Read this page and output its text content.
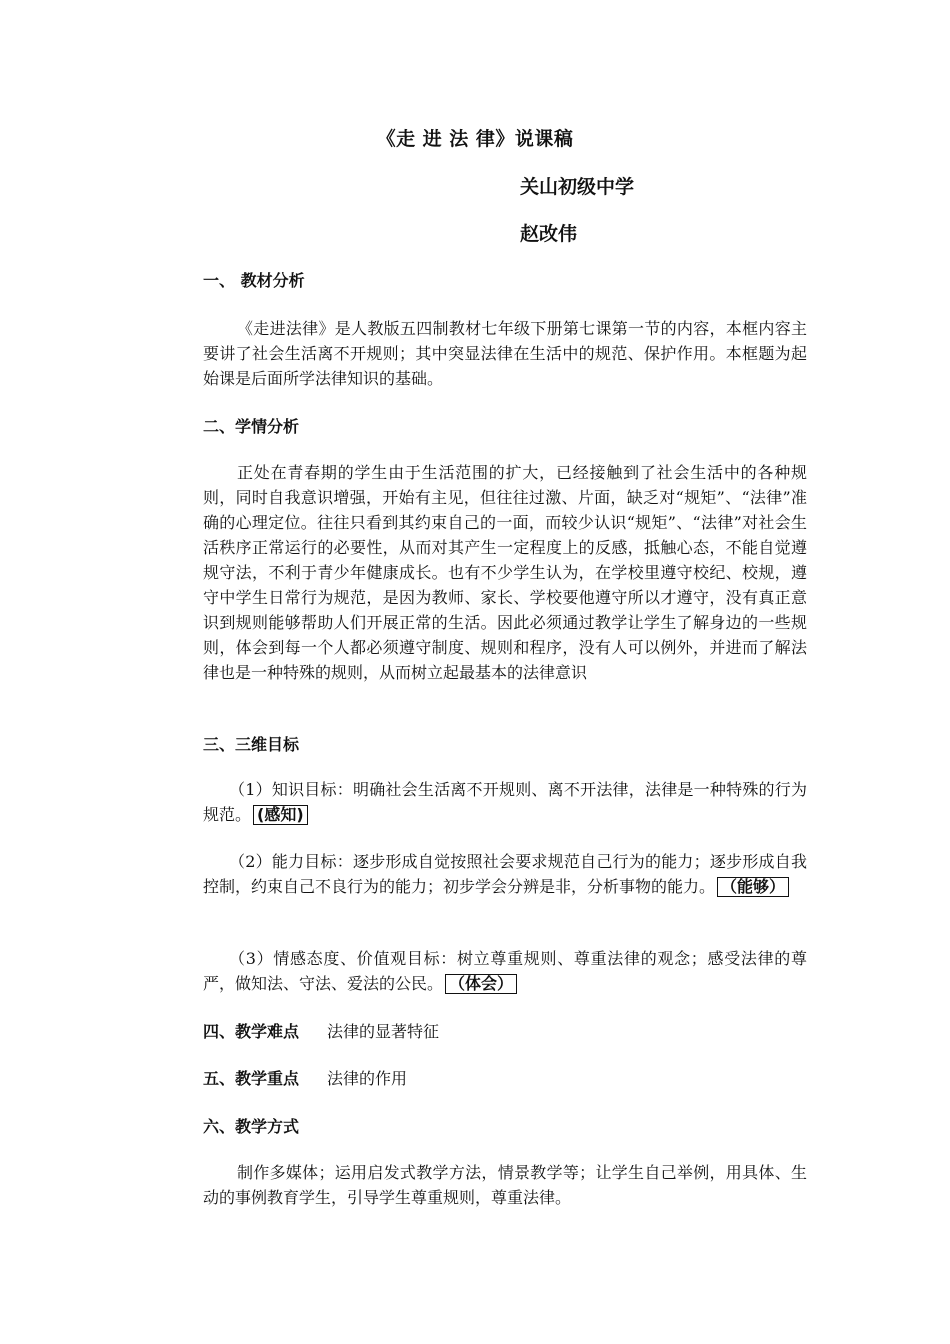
《走 进 法 律》说课稿
关山初级中学
赵改伟
一、 教材分析
《走进法律》是人教版五四制教材七年级下册第七课第一节的内容，本框内容主要讲了社会生活离不开规则；其中突显法律在生活中的规范、保护作用。本框题为起始课是后面所学法律知识的基础。
二、学情分析
正处在青春期的学生由于生活范围的扩大，已经接触到了社会生活中的各种规则，同时自我意识增强，开始有主见，但往往过激、片面，缺乏对“规矩”、“法律”准确的心理定位。往往只看到其约束自己的一面，而较少认识“规矩”、“法律”对社会生活秩序正常运行的必要性，从而对其产生一定程度上的反感，抵触心态，不能自觉遵规守法，不利于青少年健康成长。也有不少学生认为，在学校里遵守校纪、校规，遵守中学生日常行为规范，是因为教师、家长、学校要他遵守所以才遵守，没有真正意识到规则能够帮助人们开展正常的生活。因此必须通过教学让学生了解身边的一些规则，体会到每一个人都必须遵守制度、规则和程序，没有人可以例外，并进而了解法律也是一种特殊的规则，从而树立起最基本的法律意识
三、三维目标
（1）知识目标：明确社会生活离不开规则、离不开法律，法律是一种特殊的行为规范。 (感知)
（2）能力目标：逐步形成自觉按照社会要求规范自己行为的能力；逐步形成自我控制，约束自己不良行为的能力；初步学会分辨是非，分析事物的能力。 （能够）
（3）情感态度、价值观目标：树立尊重规则、尊重法律的观念；感受法律的尊严，做知法、守法、爱法的公民。 （体会）
四、教学难点 法律的显著特征
五、教学重点 法律的作用
六、教学方式
制作多媒体；运用启发式教学方法，情景教学等；让学生自己举例，用具体、生动的事例教育学生，引导学生尊重规则，尊重法律。
